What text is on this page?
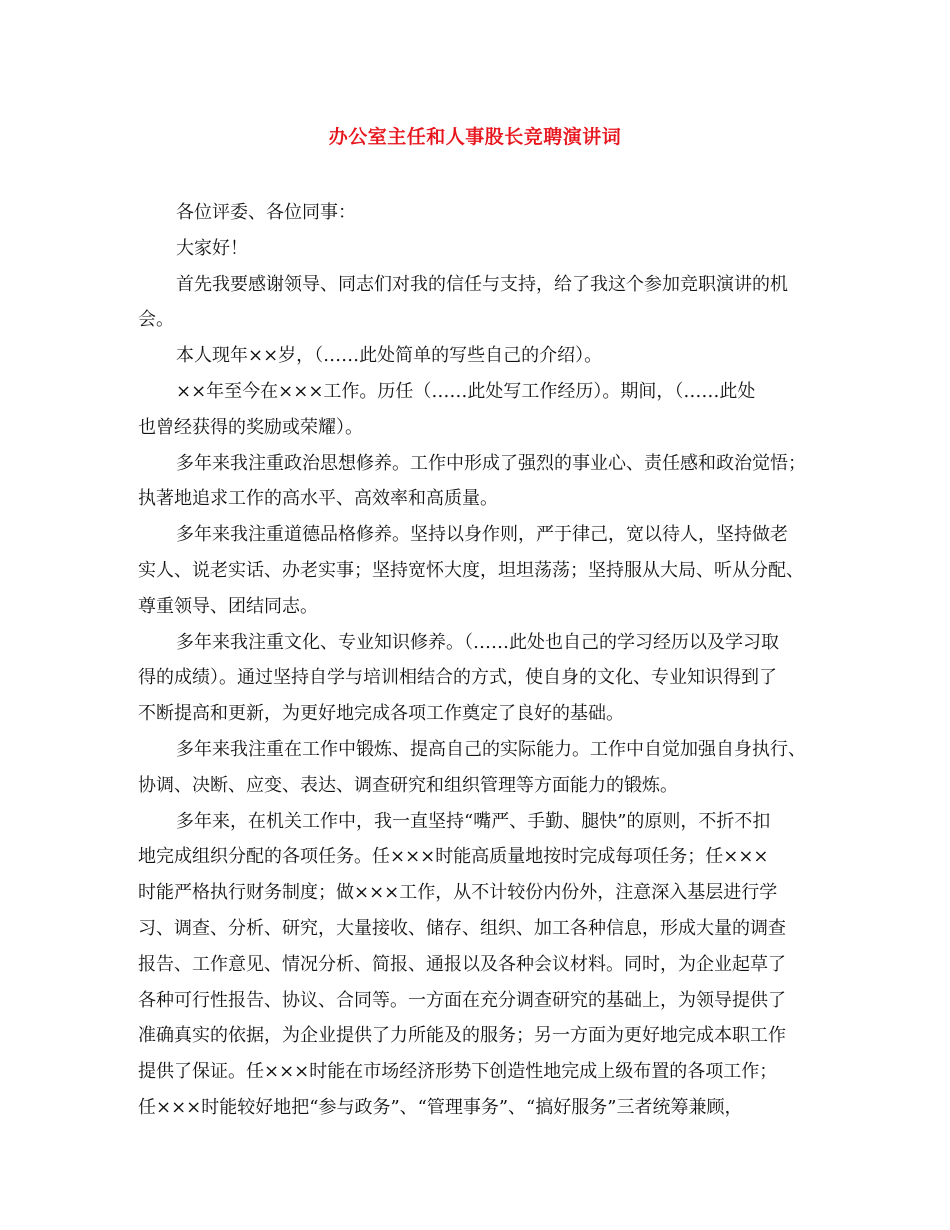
办公室主任和人事股长竞聘演讲词
各位评委、各位同事：
大家好！
首先我要感谢领导、同志们对我的信任与支持，给了我这个参加竞职演讲的机
会。
本人现年××岁，（……此处简单的写些自己的介绍）。
××年至今在×××工作。历任（……此处写工作经历）。期间，（……此处
也曾经获得的奖励或荣耀）。
多年来我注重政治思想修养。工作中形成了强烈的事业心、责任感和政治觉悟；
执著地追求工作的高水平、高效率和高质量。
多年来我注重道德品格修养。坚持以身作则，严于律己，宽以待人，坚持做老
实人、说老实话、办老实事；坚持宽怀大度，坦坦荡荡；坚持服从大局、听从分配、
尊重领导、团结同志。
多年来我注重文化、专业知识修养。（……此处也自己的学习经历以及学习取
得的成绩）。通过坚持自学与培训相结合的方式，使自身的文化、专业知识得到了
不断提高和更新，为更好地完成各项工作奠定了良好的基础。
多年来我注重在工作中锻炼、提高自己的实际能力。工作中自觉加强自身执行、
协调、决断、应变、表达、调查研究和组织管理等方面能力的锻炼。
多年来，在机关工作中，我一直坚持“嘴严、手勤、腿快”的原则，不折不扣
地完成组织分配的各项任务。任×××时能高质量地按时完成每项任务；任×××
时能严格执行财务制度；做×××工作，从不计较份内份外，注意深入基层进行学
习、调查、分析、研究，大量接收、储存、组织、加工各种信息，形成大量的调查
报告、工作意见、情况分析、简报、通报以及各种会议材料。同时，为企业起草了
各种可行性报告、协议、合同等。一方面在充分调查研究的基础上，为领导提供了
准确真实的依据，为企业提供了力所能及的服务；另一方面为更好地完成本职工作
提供了保证。任×××时能在市场经济形势下创造性地完成上级布置的各项工作；
任×××时能较好地把“参与政务”、“管理事务”、“搞好服务”三者统筹兼顾，
